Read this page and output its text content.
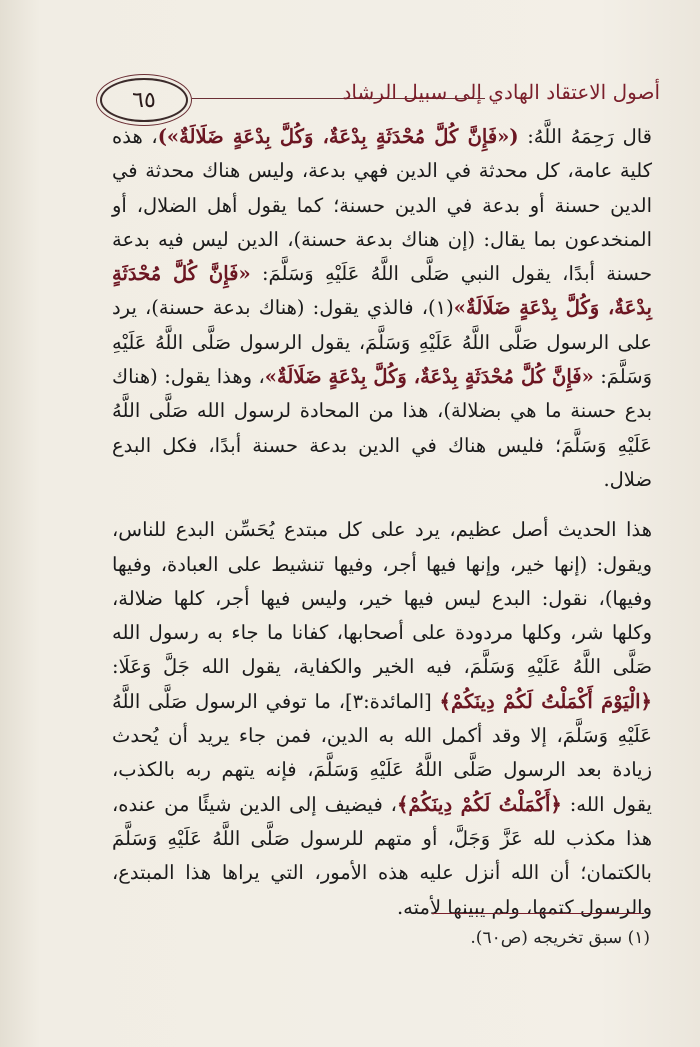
٦٥	أصول الاعتقاد الهادي إلى سبيل الرشاد

قال رَحِمَهُ اللَّهُ: («فَإِنَّ كُلَّ مُحْدَثَةٍ بِدْعَةٌ، وَكُلَّ بِدْعَةٍ ضَلَالَةٌ»)، هذه كلية عامة، كل محدثة في الدين فهي بدعة، وليس هناك محدثة في الدين حسنة أو بدعة في الدين حسنة؛ كما يقول أهل الضلال، أو المنخدعون بما يقال: (إن هناك بدعة حسنة)، الدين ليس فيه بدعة حسنة أبدًا، يقول النبي صَلَّى اللَّهُ عَلَيْهِ وَسَلَّمَ: «فَإِنَّ كُلَّ مُحْدَثَةٍ بِدْعَةٌ، وَكُلَّ بِدْعَةٍ ضَلَالَةٌ»(١)، فالذي يقول: (هناك بدعة حسنة)، يرد على الرسول صَلَّى اللَّهُ عَلَيْهِ وَسَلَّمَ، يقول الرسول صَلَّى اللَّهُ عَلَيْهِ وَسَلَّمَ: «فَإِنَّ كُلَّ مُحْدَثَةٍ بِدْعَةٌ، وَكُلَّ بِدْعَةٍ ضَلَالَةٌ»، وهذا يقول: (هناك بدع حسنة ما هي بضلالة)، هذا من المحادة لرسول الله صَلَّى اللَّهُ عَلَيْهِ وَسَلَّمَ؛ فليس هناك في الدين بدعة حسنة أبدًا، فكل البدع ضلال.

هذا الحديث أصل عظيم، يرد على كل مبتدع يُحَسِّن البدع للناس، ويقول: (إنها خير، وإنها فيها أجر، وفيها تنشيط على العبادة، وفيها وفيها)، نقول: البدع ليس فيها خير، وليس فيها أجر، كلها ضلالة، وكلها شر، وكلها مردودة على أصحابها، كفانا ما جاء به رسول الله صَلَّى اللَّهُ عَلَيْهِ وَسَلَّمَ، فيه الخير والكفاية، يقول الله جَلَّ وَعَلَا: ﴿الْيَوْمَ أَكْمَلْتُ لَكُمْ دِينَكُمْ﴾ [المائدة:٣]، ما توفي الرسول صَلَّى اللَّهُ عَلَيْهِ وَسَلَّمَ، إلا وقد أكمل الله به الدين، فمن جاء يريد أن يُحدث زيادة بعد الرسول صَلَّى اللَّهُ عَلَيْهِ وَسَلَّمَ، فإنه يتهم ربه بالكذب، يقول الله: ﴿أَكْمَلْتُ لَكُمْ دِينَكُمْ﴾، فيضيف إلى الدين شيئًا من عنده، هذا مكذب لله عَزَّ وَجَلَّ، أو متهم للرسول صَلَّى اللَّهُ عَلَيْهِ وَسَلَّمَ بالكتمان؛ أن الله أنزل عليه هذه الأمور، التي يراها هذا المبتدع، والرسول كتمها، ولم يبينها لأمته.

(١) سبق تخريجه (ص٦٠).
